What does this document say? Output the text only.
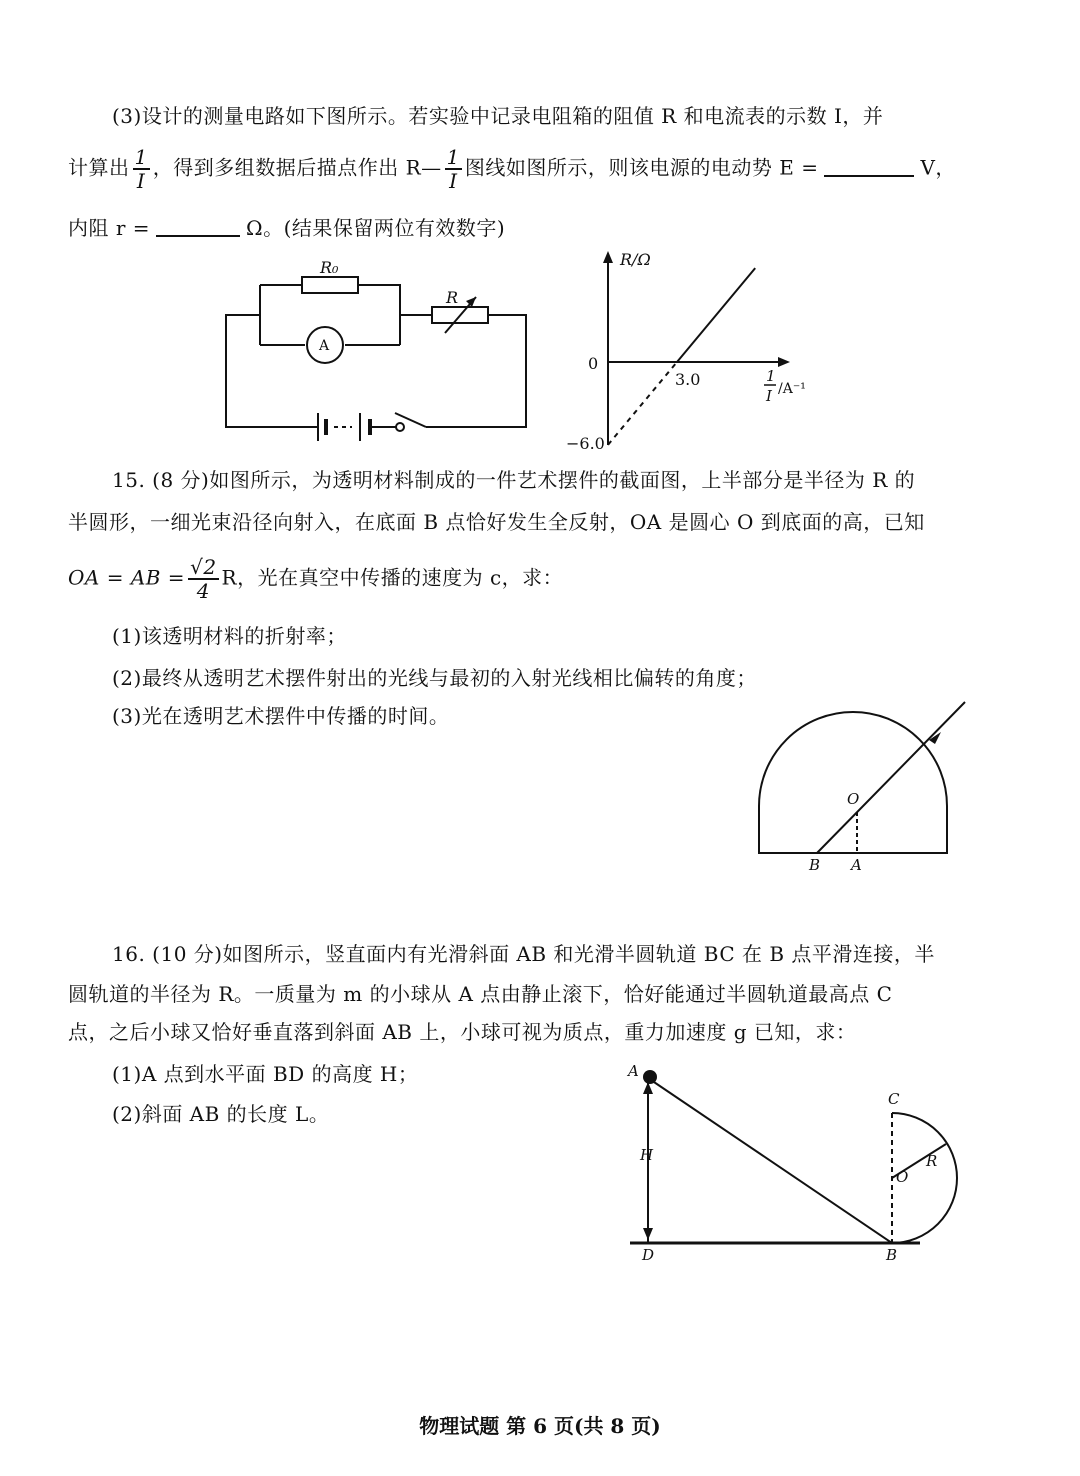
(3)设计的测量电路如下图所示。若实验中记录电阻箱的阻值 R 和电流表的示数 I，并
计算出 $\frac{1}{I}$ ，得到多组数据后描点作出 R— $\frac{1}{I}$ 图线如图所示，则该电源的电动势 E =	V，
内阻 r =	Ω。(结果保留两位有效数字)
R₀
R
A
R/Ω
0
3.0
−6.0
1
I /A⁻¹
15. (8 分)如图所示，为透明材料制成的一件艺术摆件的截面图，上半部分是半径为 R 的
半圆形，一细光束沿径向射入，在底面 B 点恰好发生全反射，OA 是圆心 O 到底面的高，已知
OA = AB = $\frac{√2}{4}$ R，光在真空中传播的速度为 c，求：
(1)该透明材料的折射率；
(2)最终从透明艺术摆件射出的光线与最初的入射光线相比偏转的角度；
(3)光在透明艺术摆件中传播的时间。
O
B A
16. (10 分)如图所示，竖直面内有光滑斜面 AB 和光滑半圆轨道 BC 在 B 点平滑连接，半
圆轨道的半径为 R。一质量为 m 的小球从 A 点由静止滚下，恰好能通过半圆轨道最高点 C
点，之后小球又恰好垂直落到斜面 AB 上，小球可视为质点，重力加速度 g 已知，求：
(1)A 点到水平面 BD 的高度 H；
(2)斜面 AB 的长度 L。
A
C
H
O
R
D	B
物理试题 第 6 页(共 8 页)
